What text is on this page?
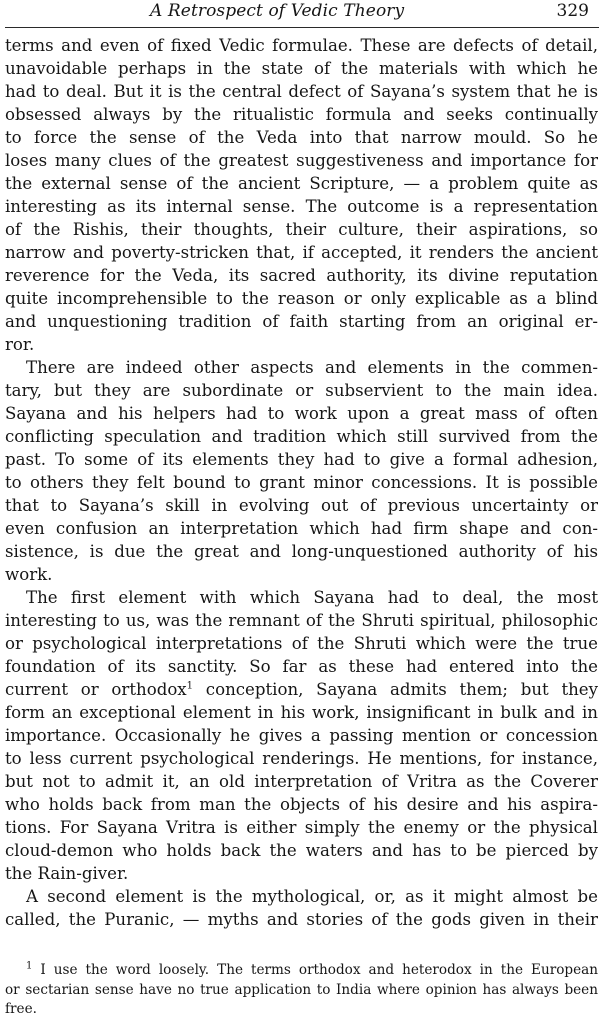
A Retrospect of Vedic Theory	329
terms and even of fixed Vedic formulae. These are defects of detail,
unavoidable perhaps in the state of the materials with which he
had to deal. But it is the central defect of Sayana’s system that he is
obsessed always by the ritualistic formula and seeks continually
to force the sense of the Veda into that narrow mould. So he
loses many clues of the greatest suggestiveness and importance for
the external sense of the ancient Scripture, — a problem quite as
interesting as its internal sense. The outcome is a representation
of the Rishis, their thoughts, their culture, their aspirations, so
narrow and poverty-stricken that, if accepted, it renders the ancient
reverence for the Veda, its sacred authority, its divine reputation
quite incomprehensible to the reason or only explicable as a blind
and unquestioning tradition of faith starting from an original er-
ror.
There are indeed other aspects and elements in the commen-
tary, but they are subordinate or subservient to the main idea.
Sayana and his helpers had to work upon a great mass of often
conflicting speculation and tradition which still survived from the
past. To some of its elements they had to give a formal adhesion,
to others they felt bound to grant minor concessions. It is possible
that to Sayana’s skill in evolving out of previous uncertainty or
even confusion an interpretation which had firm shape and con-
sistence, is due the great and long-unquestioned authority of his
work.
The first element with which Sayana had to deal, the most
interesting to us, was the remnant of the Shruti spiritual, philosophic
or psychological interpretations of the Shruti which were the true
foundation of its sanctity. So far as these had entered into the
current or orthodox$^1$ conception, Sayana admits them; but they
form an exceptional element in his work, insignificant in bulk and in
importance. Occasionally he gives a passing mention or concession
to less current psychological renderings. He mentions, for instance,
but not to admit it, an old interpretation of Vritra as the Coverer
who holds back from man the objects of his desire and his aspira-
tions. For Sayana Vritra is either simply the enemy or the physical
cloud-demon who holds back the waters and has to be pierced by
the Rain-giver.
A second element is the mythological, or, as it might almost be
called, the Puranic, — myths and stories of the gods given in their
$^1$ I use the word loosely. The terms orthodox and heterodox in the European
or sectarian sense have no true application to India where opinion has always been
free.
